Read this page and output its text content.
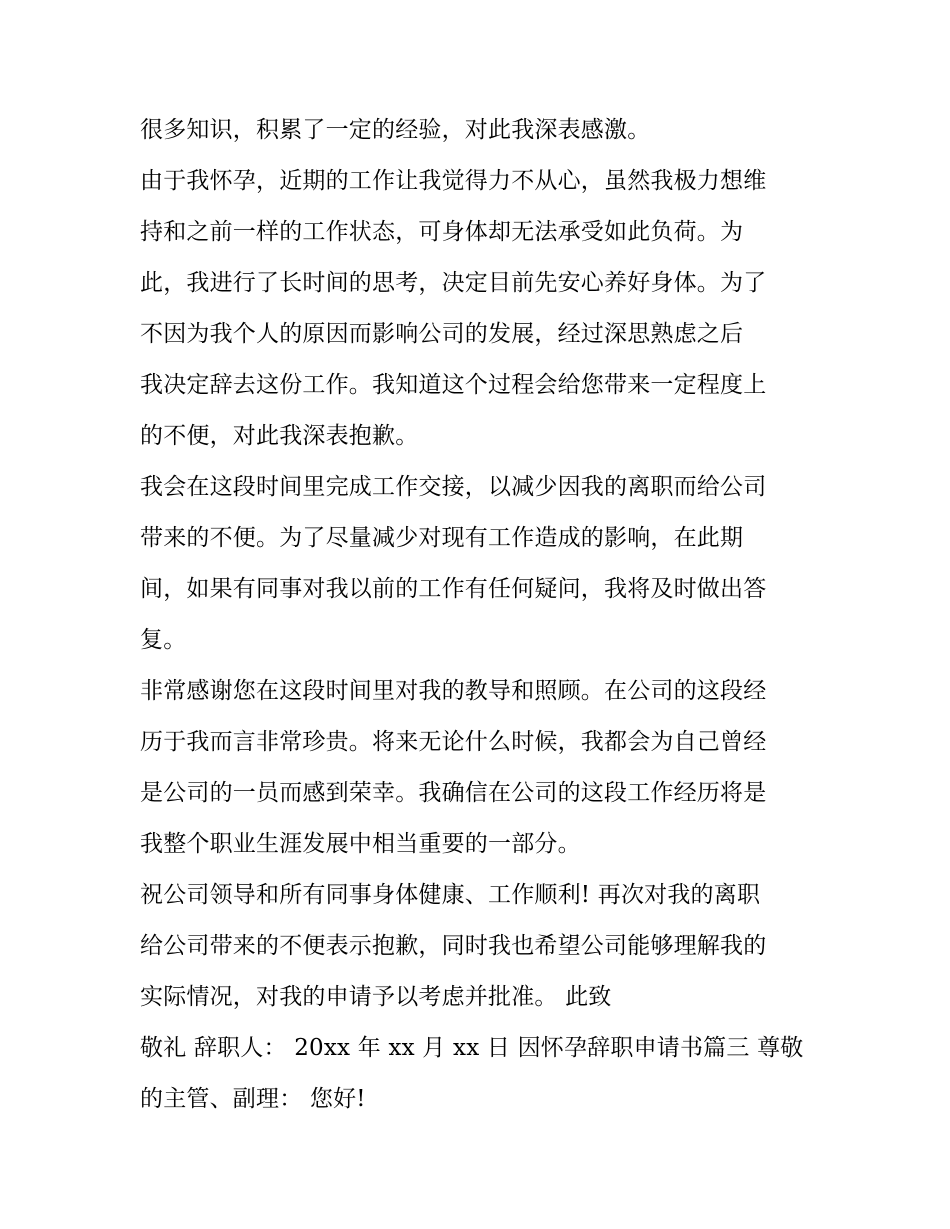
很多知识，积累了一定的经验，对此我深表感激。
由于我怀孕，近期的工作让我觉得力不从心，虽然我极力想维
持和之前一样的工作状态，可身体却无法承受如此负荷。为
此，我进行了长时间的思考，决定目前先安心养好身体。为了
不因为我个人的原因而影响公司的发展，经过深思熟虑之后
我决定辞去这份工作。我知道这个过程会给您带来一定程度上
的不便，对此我深表抱歉。
我会在这段时间里完成工作交接，以减少因我的离职而给公司
带来的不便。为了尽量减少对现有工作造成的影响，在此期
间，如果有同事对我以前的工作有任何疑问，我将及时做出答
复。
非常感谢您在这段时间里对我的教导和照顾。在公司的这段经
历于我而言非常珍贵。将来无论什么时候，我都会为自己曾经
是公司的一员而感到荣幸。我确信在公司的这段工作经历将是
我整个职业生涯发展中相当重要的一部分。
祝公司领导和所有同事身体健康、工作顺利! 再次对我的离职
给公司带来的不便表示抱歉，同时我也希望公司能够理解我的
实际情况，对我的申请予以考虑并批准。 此致
敬礼 辞职人： 20xx 年 xx 月 xx 日 因怀孕辞职申请书篇三 尊敬
的主管、副理： 您好!
